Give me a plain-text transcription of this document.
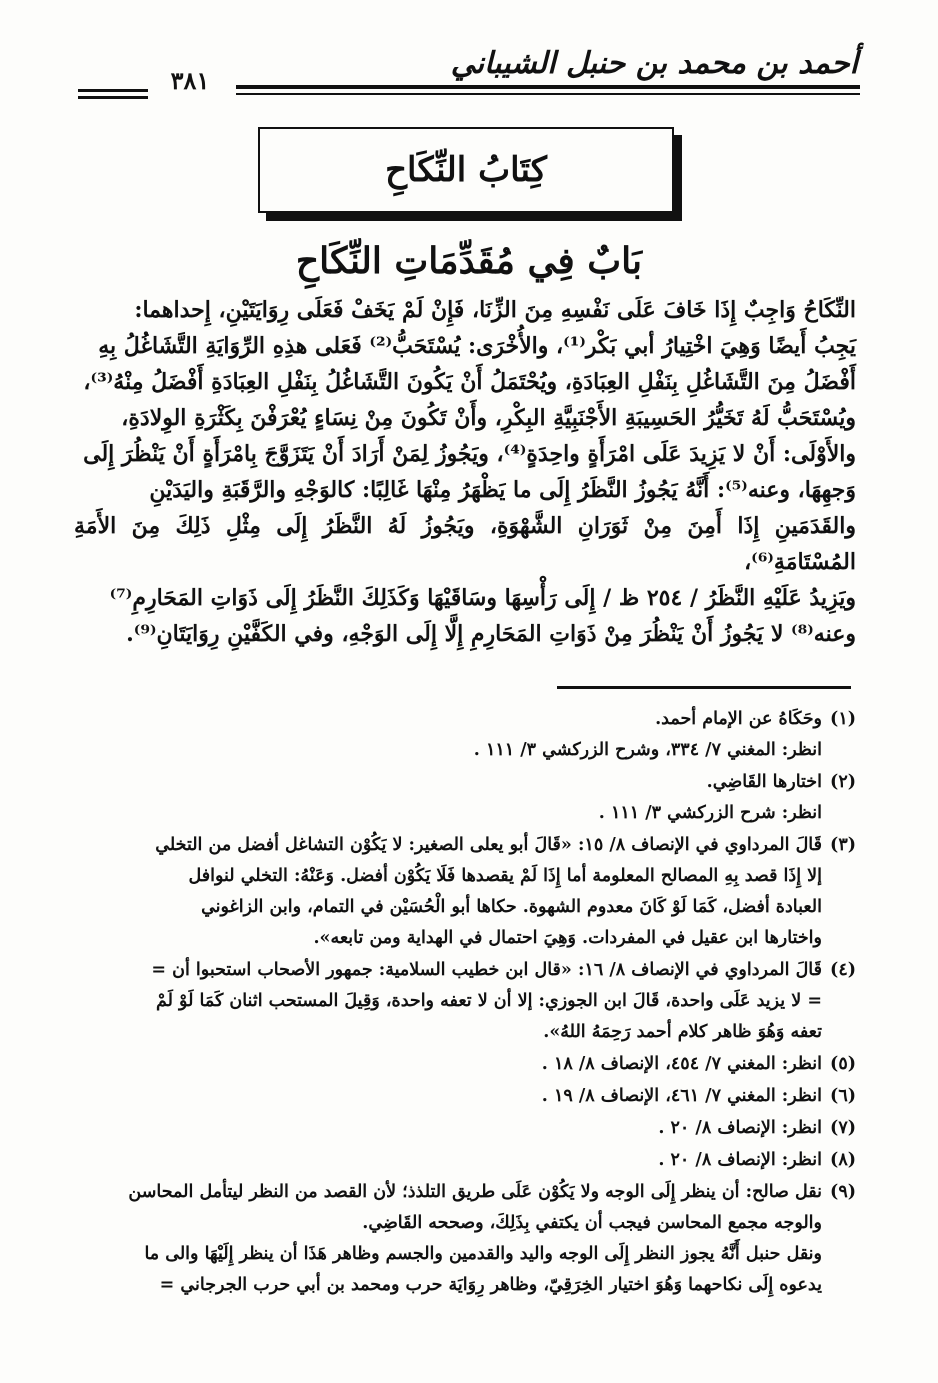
أحمد بن محمد بن حنبل الشيباني
٣٨١
كِتَابُ النِّكَاحِ
بَابٌ فِي مُقَدِّمَاتِ النِّكَاحِ

النِّكَاحُ وَاجِبٌ إِذَا خَافَ عَلَى نَفْسِهِ مِنَ الزِّنَا، فَإِنْ لَمْ يَخَفْ فَعَلَى رِوَايَتَيْنِ، إِحداهما:

يَجِبُ أَيضًا وَهِيَ اخْتِيارُ أبي بَكْر⁽¹⁾، والأُخْرَى: يُسْتَحَبُّ⁽²⁾ فَعَلى هذِهِ الرِّوَايَةِ التَّشَاغُلُ بِهِ

أَفْضَلُ مِنَ التَّشَاغُلِ بِنَفْلِ العِبَادَةِ، ويُحْتَمَلُ أَنْ يَكُونَ التَّشَاغُلُ بِنَفْلِ العِبَادَةِ أَفْضَلُ مِنْهُ⁽³⁾،

ويُسْتَحَبُّ لَهُ تَخَيُّرُ الحَسِيبَةِ الأَجْنَبِيَّةِ البِكْرِ، وأَنْ تَكُونَ مِنْ نِسَاءٍ يُعْرَفْنَ بِكَثْرَةِ الوِلادَةِ،

والأَوْلَى: أَنْ لا يَزِيدَ عَلَى امْرَأَةٍ واحِدَةٍ⁽⁴⁾، ويَجُوزُ لِمَنْ أَرَادَ أَنْ يَتَزَوَّجَ بِامْرَأَةٍ أَنْ يَنْظُرَ إِلَى

وَجهِهَا، وعنه⁽⁵⁾: أَنَّهُ يَجُوزُ النَّظَرُ إِلَى ما يَظْهَرُ مِنْهَا غَالِبًا: كالوَجْهِ والرَّقَبَةِ واليَدَيْنِ

والقَدَمَينِ إِذَا أَمِنَ مِنْ ثَوَرَانِ الشَّهْوَةِ، ويَجُوزُ لَهُ النَّظَرُ إِلَى مِثْلِ ذَلِكَ مِنَ الأَمَةِ المُسْتَامَةِ⁽⁶⁾،

ويَزِيدُ عَلَيْهِ النَّظَرُ / ٢٥٤ ظ / إِلَى رَأْسِهَا وسَاقَيْهَا وَكَذَلِكَ النَّظَرُ إِلَى ذَوَاتِ المَحَارِمِ⁽⁷⁾

وعنه⁽⁸⁾ لا يَجُوزُ أَنْ يَنْظُرَ مِنْ ذَوَاتِ المَحَارِمِ إِلَّا إِلَى الوَجْهِ، وفي الكَفَّيْنِ رِوَايَتَانِ⁽⁹⁾.

(١)
وحَكَاهُ عن الإمام أحمد.
انظر: المغني ٧/ ٣٣٤، وشرح الزركشي ٣/ ١١١ .
(٢)
اختارها القَاضِي.
انظر: شرح الزركشي ٣/ ١١١ .
(٣)
قَالَ المرداوي في الإنصاف ٨/ ١٥: «قَالَ أبو يعلى الصغير: لا يَكُوْن التشاغل أفضل من التخلي
إلا إِذَا قصد بِهِ المصالح المعلومة أما إِذَا لَمْ يقصدها فَلَا يَكُوْن أفضل. وَعَنْهُ: التخلي لنوافل
العبادة أفضل، كَمَا لَوْ كَانَ معدوم الشهوة. حكاها أبو الْحُسَيْن في التمام، وابن الزاغوني
واختارها ابن عقيل في المفردات. وَهِيَ احتمال في الهداية ومن تابعه».
(٤)
قَالَ المرداوي في الإنصاف ٨/ ١٦: «قال ابن خطيب السلامية: جمهور الأصحاب استحبوا أن =
= لا يزيد عَلَى واحدة، قَالَ ابن الجوزي: إلا أن لا تعفه واحدة، وَقِيلَ المستحب اثنان كَمَا لَوْ لَمْ
تعفه وَهُوَ ظاهر كلام أحمد رَحِمَهُ اللهُ».
(٥)
انظر: المغني ٧/ ٤٥٤، الإنصاف ٨/ ١٨ .
(٦)
انظر: المغني ٧/ ٤٦١، الإنصاف ٨/ ١٩ .
(٧)
انظر: الإنصاف ٨/ ٢٠ .
(٨)
انظر: الإنصاف ٨/ ٢٠ .
(٩)
نقل صالح: أن ينظر إِلَى الوجه ولا يَكُوْن عَلَى طريق التلذذ؛ لأن القصد من النظر ليتأمل المحاسن
والوجه مجمع المحاسن فيجب أن يكتفي بِذَلِكَ، وصححه القَاضِي.
ونقل حنبل أَنَّهُ يجوز النظر إِلَى الوجه واليد والقدمين والجسم وظاهر هَذَا أن ينظر إِلَيْهَا والى ما
يدعوه إِلَى نكاحهما وَهُوَ اختيار الخِرَقِيّ، وظاهر رِوَايَة حرب ومحمد بن أبي حرب الجرجاني =
